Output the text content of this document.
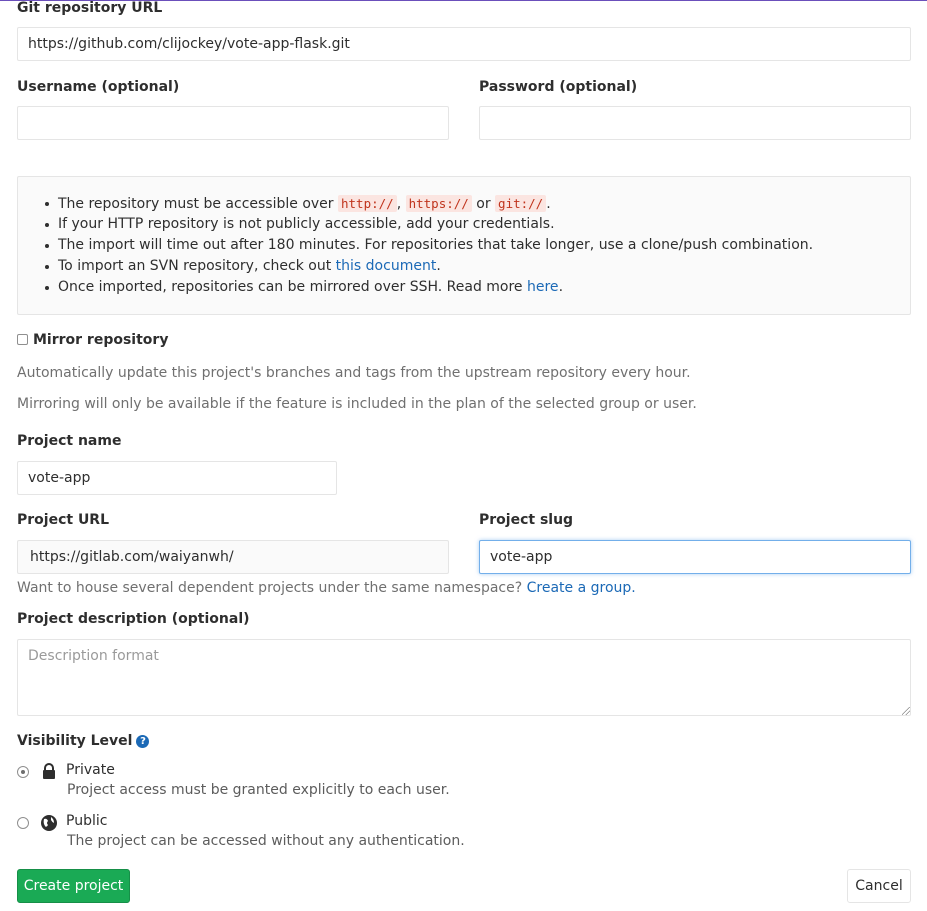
Git repository URL
https://github.com/clijockey/vote-app-flask.git
Username (optional)	Password (optional)
The repository must be accessible over http:// , https:// or git:// .
If your HTTP repository is not publicly accessible, add your credentials.
The import will time out after 180 minutes. For repositories that take longer, use a clone/push combination.
To import an SVN repository, check out this document.
Once imported, repositories can be mirrored over SSH. Read more here.
Mirror repository
Automatically update this project's branches and tags from the upstream repository every hour.
Mirroring will only be available if the feature is included in the plan of the selected group or user.
Project name
vote-app
Project URL
https://gitlab.com/waiyanwh/
Project slug
vote-app
Want to house several dependent projects under the same namespace? Create a group.
Project description (optional)
Description format
Visibility Level ?
Private
Project access must be granted explicitly to each user.
Public
The project can be accessed without any authentication.
Create project	Cancel
